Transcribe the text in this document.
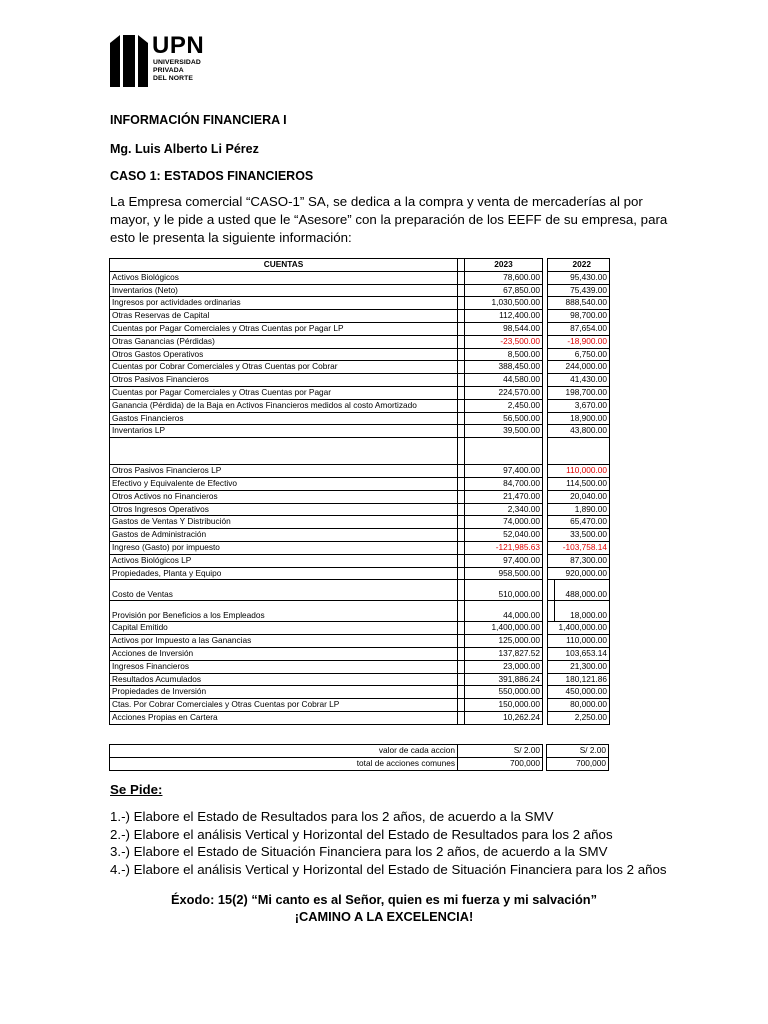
UPN
UNIVERSIDAD
PRIVADA
DEL NORTE
INFORMACIÓN FINANCIERA I
Mg. Luis Alberto Li Pérez
CASO 1: ESTADOS FINANCIEROS
La Empresa comercial “CASO-1” SA, se dedica a la compra y venta de mercaderías al por
mayor, y le pide a usted que le “Asesore” con la preparación de los EEFF de su empresa, para
esto le presenta la siguiente información:
CUENTAS		2023			2022
Activos Biológicos		78,600.00			95,430.00
Inventarios (Neto)		67,850.00			75,439.00
Ingresos por actividades ordinarias		1,030,500.00			888,540.00
Otras Reservas de Capital		112,400.00			98,700.00
Cuentas por Pagar Comerciales y Otras Cuentas por Pagar LP		98,544.00			87,654.00
Otras Ganancias (Pérdidas)		-23,500.00			-18,900.00
Otros Gastos Operativos		8,500.00			6,750.00
Cuentas por Cobrar Comerciales y Otras Cuentas por Cobrar		388,450.00			244,000.00
Otros Pasivos Financieros		44,580.00			41,430.00
Cuentas por Pagar Comerciales y Otras Cuentas por Pagar		224,570.00			198,700.00
Ganancia (Pérdida) de la Baja en Activos Financieros medidos al costo Amortizado		2,450.00			3,670.00
Gastos Financieros		56,500.00			18,900.00
Inventarios LP		39,500.00			43,800.00

Otros Pasivos Financieros LP		97,400.00			110,000.00
Efectivo y Equivalente de Efectivo		84,700.00			114,500.00
Otros Activos no Financieros		21,470.00			20,040.00
Otros Ingresos Operativos		2,340.00			1,890.00
Gastos de Ventas Y Distribución		74,000.00			65,470.00
Gastos de Administración		52,040.00			33,500.00
Ingreso (Gasto) por impuesto		-121,985.63			-103,758.14
Activos Biológicos LP		97,400.00			87,300.00
Propiedades, Planta y Equipo		958,500.00			920,000.00
Costo de Ventas		510,000.00			488,000.00
Provisión por Beneficios a los Empleados		44,000.00			18,000.00
Capital Emitido		1,400,000.00			1,400,000.00
Activos por Impuesto a las Ganancias		125,000.00			110,000.00
Acciones de Inversión		137,827.52			103,653.14
Ingresos Financieros		23,000.00			21,300.00
Resultados Acumulados		391,886.24			180,121.86
Propiedades de Inversión		550,000.00			450,000.00
Ctas. Por Cobrar Comerciales y Otras Cuentas por Cobrar LP		150,000.00			80,000.00
Acciones Propias en Cartera		10,262.24			2,250.00
valor de cada accion	S/ 2.00		S/ 2.00
total de acciones comunes	700,000		700,000
Se Pide:
1.-) Elabore el Estado de Resultados para los 2 años, de acuerdo a la SMV
2.-) Elabore el análisis Vertical y Horizontal del Estado de Resultados para los 2 años
3.-) Elabore el Estado de Situación Financiera para los 2 años, de acuerdo a la SMV
4.-) Elabore el análisis Vertical y Horizontal del Estado de Situación Financiera para los 2 años
Éxodo: 15(2) “Mi canto es al Señor, quien es mi fuerza y mi salvación”
¡CAMINO A LA EXCELENCIA!
